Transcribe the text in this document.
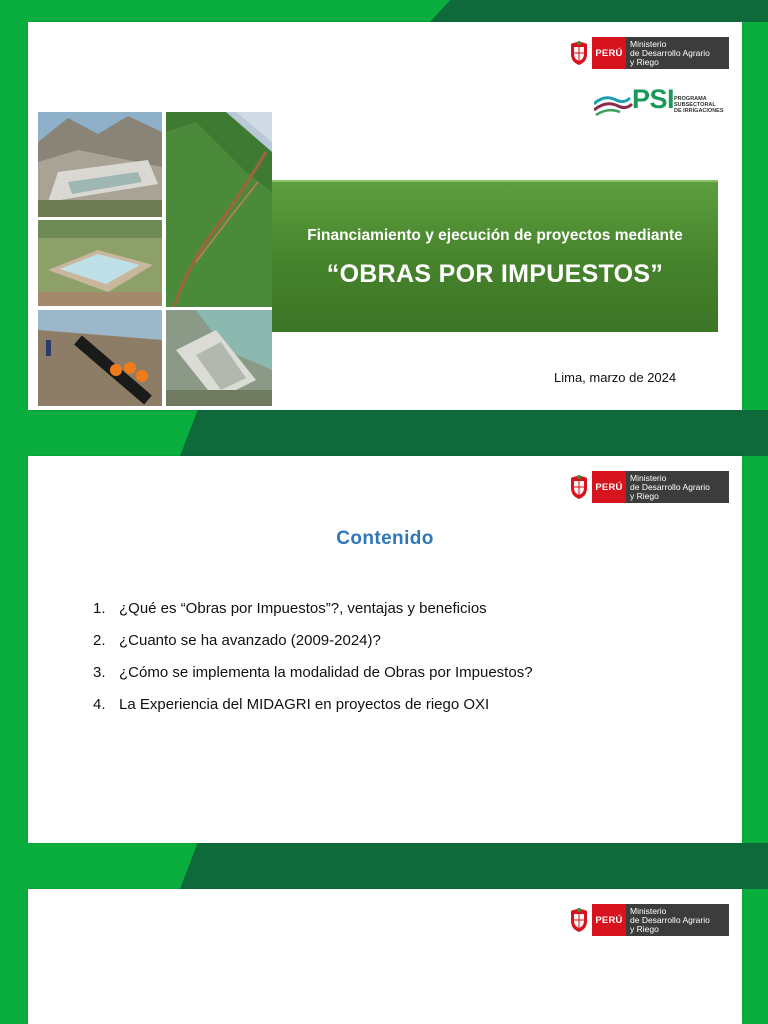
PERÚ
Ministerio
de Desarrollo Agrario
y Riego
PSI PROGRAMA
SUBSECTORAL
DE IRRIGACIONES
Financiamiento y ejecución de proyectos mediante
“OBRAS POR IMPUESTOS”
Lima, marzo de 2024
PERÚ
Ministerio
de Desarrollo Agrario
y Riego
Contenido
1. ¿Qué es “Obras por Impuestos”?, ventajas y beneficios
2. ¿Cuanto se ha avanzado (2009-2024)?
3. ¿Cómo se implementa la modalidad de Obras por Impuestos?
4. La Experiencia del MIDAGRI en proyectos de riego OXI
PERÚ
Ministerio
de Desarrollo Agrario
y Riego
